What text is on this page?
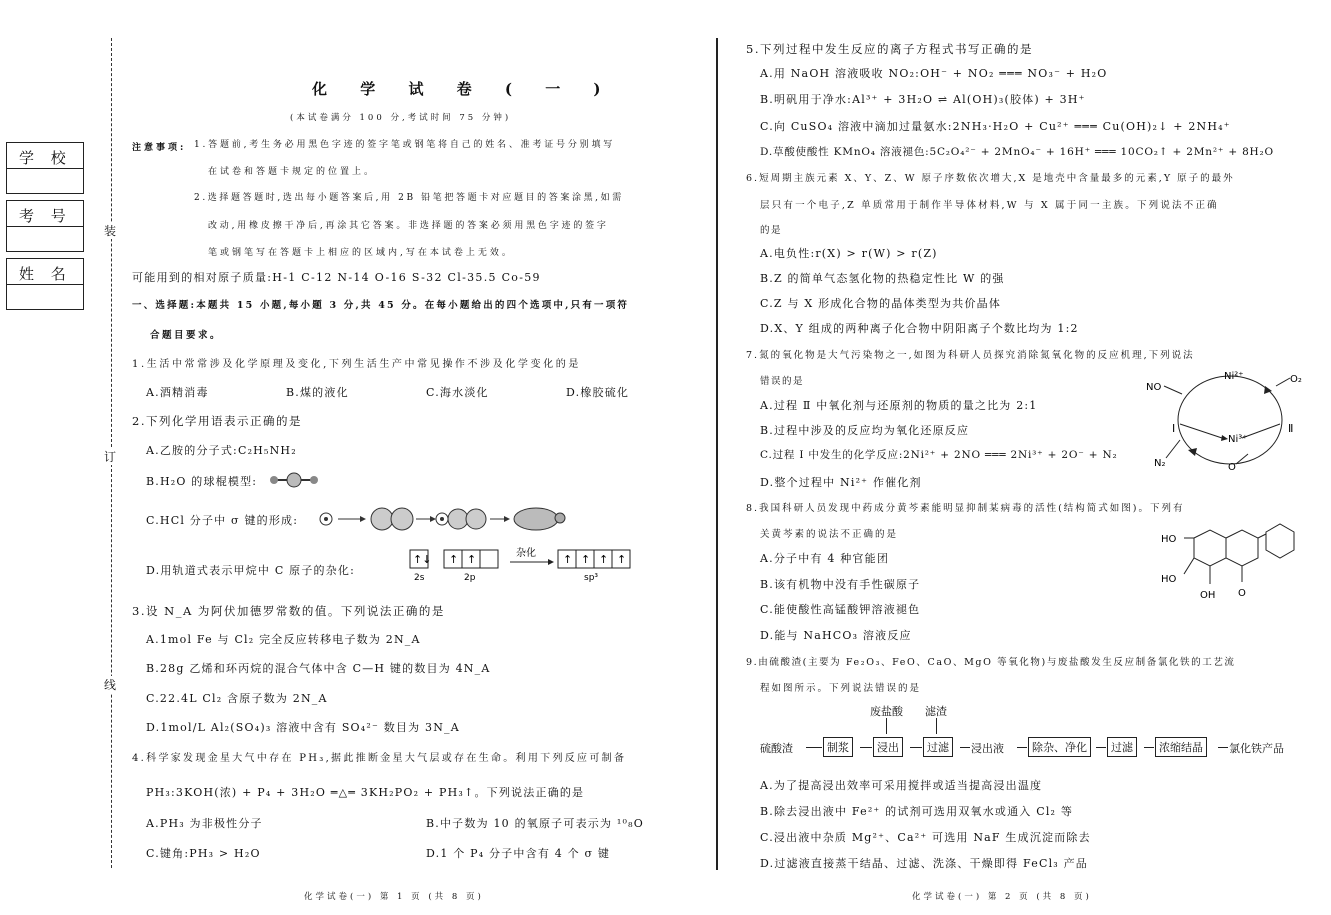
学 校
考 号
姓 名
装
订
线
化 学 试 卷 ( 一 )
(本试卷满分 100 分,考试时间 75 分钟)
注意事项: 1.答题前,考生务必用黑色字迹的签字笔或钢笔将自己的姓名、准考证号分别填写
在试卷和答题卡规定的位置上。
2.选择题答题时,选出每小题答案后,用 2B 铅笔把答题卡对应题目的答案涂黑,如需
改动,用橡皮擦干净后,再涂其它答案。非选择题的答案必须用黑色字迹的签字
笔或钢笔写在答题卡上相应的区域内,写在本试卷上无效。
可能用到的相对原子质量:H-1 C-12 N-14 O-16 S-32 Cl-35.5 Co-59
一、选择题:本题共 15 小题,每小题 3 分,共 45 分。在每小题给出的四个选项中,只有一项符
合题目要求。
1.生活中常常涉及化学原理及变化,下列生活生产中常见操作不涉及化学变化的是
A.酒精消毒	B.煤的液化	C.海水淡化	D.橡胶硫化
2.下列化学用语表示正确的是
A.乙胺的分子式:C₂H₅NH₂
B.H₂O 的球棍模型:
C.HCl 分子中 σ 键的形成:
D.用轨道式表示甲烷中 C 原子的杂化:
↑↓ ↑ ↑	↑ ↑ ↑ ↑
2s	2p
杂化
sp³
3.设 N_A 为阿伏加德罗常数的值。下列说法正确的是
A.1mol Fe 与 Cl₂ 完全反应转移电子数为 2N_A
B.28g 乙烯和环丙烷的混合气体中含 C—H 键的数目为 4N_A
C.22.4L Cl₂ 含原子数为 2N_A
D.1mol/L Al₂(SO₄)₃ 溶液中含有 SO₄²⁻ 数目为 3N_A
4.科学家发现金星大气中存在 PH₃,据此推断金星大气层或存在生命。利用下列反应可制备
PH₃:3KOH(浓) + P₄ + 3H₂O ═△═ 3KH₂PO₂ + PH₃↑。下列说法正确的是
A.PH₃ 为非极性分子	B.中子数为 10 的氧原子可表示为 ¹⁰₈O
C.键角:PH₃ > H₂O	D.1 个 P₄ 分子中含有 4 个 σ 键
化学试卷(一) 第 1 页 (共 8 页)
5.下列过程中发生反应的离子方程式书写正确的是
A.用 NaOH 溶液吸收 NO₂:OH⁻ + NO₂ ═══ NO₃⁻ + H₂O
B.明矾用于净水:Al³⁺ + 3H₂O ⇌ Al(OH)₃(胶体) + 3H⁺
C.向 CuSO₄ 溶液中滴加过量氨水:2NH₃·H₂O + Cu²⁺ ═══ Cu(OH)₂↓ + 2NH₄⁺
D.草酸使酸性 KMnO₄ 溶液褪色:5C₂O₄²⁻ + 2MnO₄⁻ + 16H⁺ ═══ 10CO₂↑ + 2Mn²⁺ + 8H₂O
6.短周期主族元素 X、Y、Z、W 原子序数依次增大,X 是地壳中含量最多的元素,Y 原子的最外
层只有一个电子,Z 单质常用于制作半导体材料,W 与 X 属于同一主族。下列说法不正确
的是
A.电负性:r(X) > r(W) > r(Z)
B.Z 的简单气态氢化物的热稳定性比 W 的强
C.Z 与 X 形成化合物的晶体类型为共价晶体
D.X、Y 组成的两种离子化合物中阴阳离子个数比均为 1:2
7.氮的氧化物是大气污染物之一,如图为科研人员探究消除氮氧化物的反应机理,下列说法
错误的是
A.过程 Ⅱ 中氧化剂与还原剂的物质的量之比为 2:1
B.过程中涉及的反应均为氧化还原反应
C.过程 Ⅰ 中发生的化学反应:2Ni²⁺ + 2NO ═══ 2Ni³⁺ + 2O⁻ + N₂
D.整个过程中 Ni²⁺ 作催化剂
NO
Ni²⁺	O₂
Ⅰ
Ni³⁺
Ⅱ
N₂	O
8.我国科研人员发现中药成分黄芩素能明显抑制某病毒的活性(结构简式如图)。下列有
关黄芩素的说法不正确的是
A.分子中有 4 种官能团
B.该有机物中没有手性碳原子
C.能使酸性高锰酸钾溶液褪色
D.能与 NaHCO₃ 溶液反应
HO
HO
OH O
9.由硫酸渣(主要为 Fe₂O₃、FeO、CaO、MgO 等氧化物)与废盐酸发生反应制备氯化铁的工艺流
程如图所示。下列说法错误的是
废盐酸 滤渣
硫酸渣	制浆	浸出	过滤	浸出液	除杂、净化	过滤	浓缩结晶	氯化铁产品
A.为了提高浸出效率可采用搅拌或适当提高浸出温度
B.除去浸出液中 Fe²⁺ 的试剂可选用双氧水或通入 Cl₂ 等
C.浸出液中杂质 Mg²⁺、Ca²⁺ 可选用 NaF 生成沉淀而除去
D.过滤液直接蒸干结晶、过滤、洗涤、干燥即得 FeCl₃ 产品
化学试卷(一) 第 2 页 (共 8 页)
